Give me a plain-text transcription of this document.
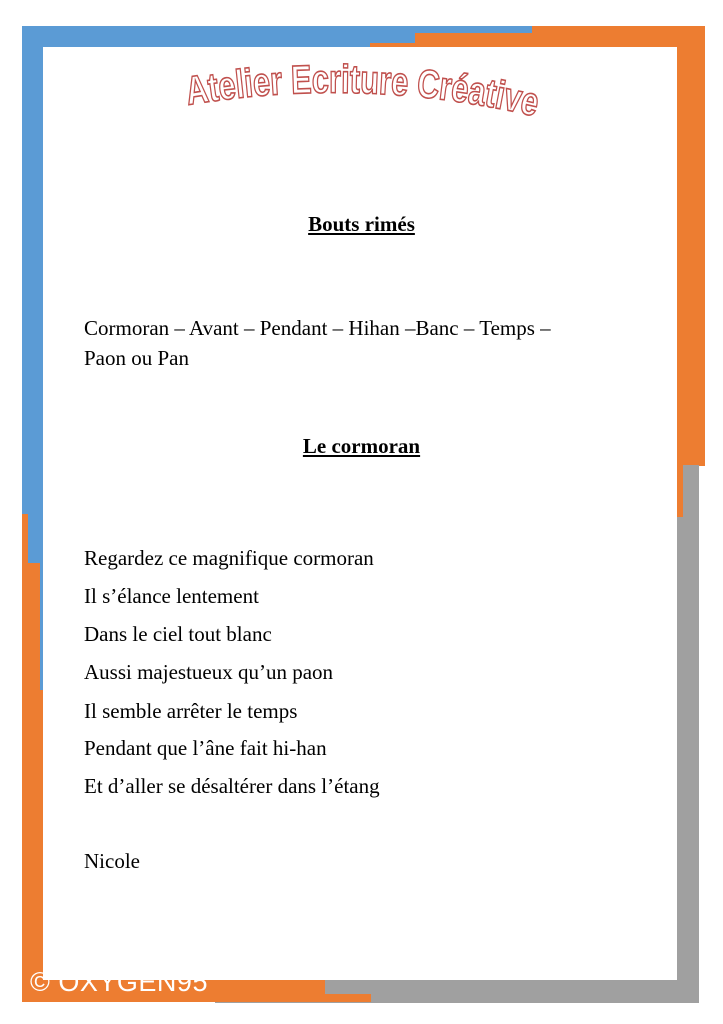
Atelier Ecriture Créative
Bouts rimés
Cormoran – Avant – Pendant – Hihan –Banc – Temps –
Paon ou Pan
Le cormoran
Regardez ce magnifique cormoran
Il s’élance lentement
Dans le ciel tout blanc
Aussi majestueux qu’un paon
Il semble arrêter le temps
Pendant que l’âne fait hi-han
Et d’aller se désaltérer dans l’étang
Nicole
© OXYGEN95
